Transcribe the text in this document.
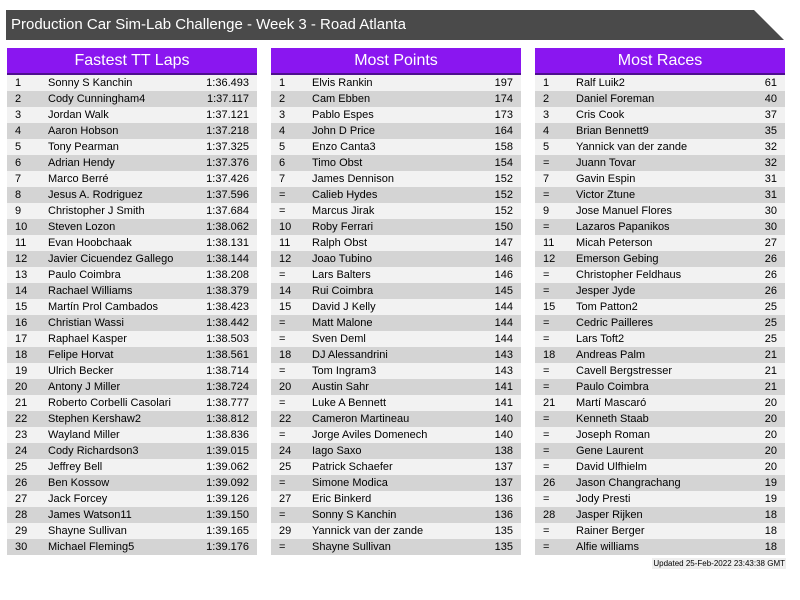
Production Car Sim-Lab Challenge - Week 3 - Road Atlanta
Fastest TT Laps
1 Sonny S Kanchin	1:36.493
2 Cody Cunningham4	1:37.117
3 Jordan Walk	1:37.121
4 Aaron Hobson	1:37.218
5 Tony Pearman	1:37.325
6 Adrian Hendy	1:37.376
7 Marco Berré	1:37.426
8 Jesus A. Rodriguez	1:37.596
9 Christopher J Smith	1:37.684
10 Steven Lozon	1:38.062
11 Evan Hoobchaak	1:38.131
12 Javier Cicuendez Gallego	1:38.144
13 Paulo Coimbra	1:38.208
14 Rachael Williams	1:38.379
15 Martín Prol Cambados	1:38.423
16 Christian Wassi	1:38.442
17 Raphael Kasper	1:38.503
18 Felipe Horvat	1:38.561
19 Ulrich Becker	1:38.714
20 Antony J Miller	1:38.724
21 Roberto Corbelli Casolari	1:38.777
22 Stephen Kershaw2	1:38.812
23 Wayland Miller	1:38.836
24 Cody Richardson3	1:39.015
25 Jeffrey Bell	1:39.062
26 Ben Kossow	1:39.092
27 Jack Forcey	1:39.126
28 James Watson11	1:39.150
29 Shayne Sullivan	1:39.165
30 Michael Fleming5	1:39.176
Most Points
1 Elvis Rankin	197
2 Cam Ebben	174
3 Pablo Espes	173
4 John D Price	164
5 Enzo Canta3	158
6 Timo Obst	154
7 James Dennison	152
= Calieb Hydes	152
= Marcus Jirak	152
10 Roby Ferrari	150
11 Ralph Obst	147
12 Joao Tubino	146
= Lars Balters	146
14 Rui Coimbra	145
15 David J Kelly	144
= Matt Malone	144
= Sven Deml	144
18 DJ Alessandrini	143
= Tom Ingram3	143
20 Austin Sahr	141
= Luke A Bennett	141
22 Cameron Martineau	140
= Jorge Aviles Domenech	140
24 Iago Saxo	138
25 Patrick Schaefer	137
= Simone Modica	137
27 Eric Binkerd	136
= Sonny S Kanchin	136
29 Yannick van der zande	135
= Shayne Sullivan	135
Most Races
1 Ralf Luik2	61
2 Daniel Foreman	40
3 Cris Cook	37
4 Brian Bennett9	35
5 Yannick van der zande	32
= Juann Tovar	32
7 Gavin Espin	31
= Victor Ztune	31
9 Jose Manuel Flores	30
= Lazaros Papanikos	30
11 Micah Peterson	27
12 Emerson Gebing	26
= Christopher Feldhaus	26
= Jesper Jyde	26
15 Tom Patton2	25
= Cedric Pailleres	25
= Lars Toft2	25
18 Andreas Palm	21
= Cavell Bergstresser	21
= Paulo Coimbra	21
21 Martí Mascaró	20
= Kenneth Staab	20
= Joseph Roman	20
= Gene Laurent	20
= David Ulfhielm	20
26 Jason Changrachang	19
= Jody Presti	19
28 Jasper Rijken	18
= Rainer Berger	18
= Alfie williams	18
Updated 25-Feb-2022 23:43:38 GMT
